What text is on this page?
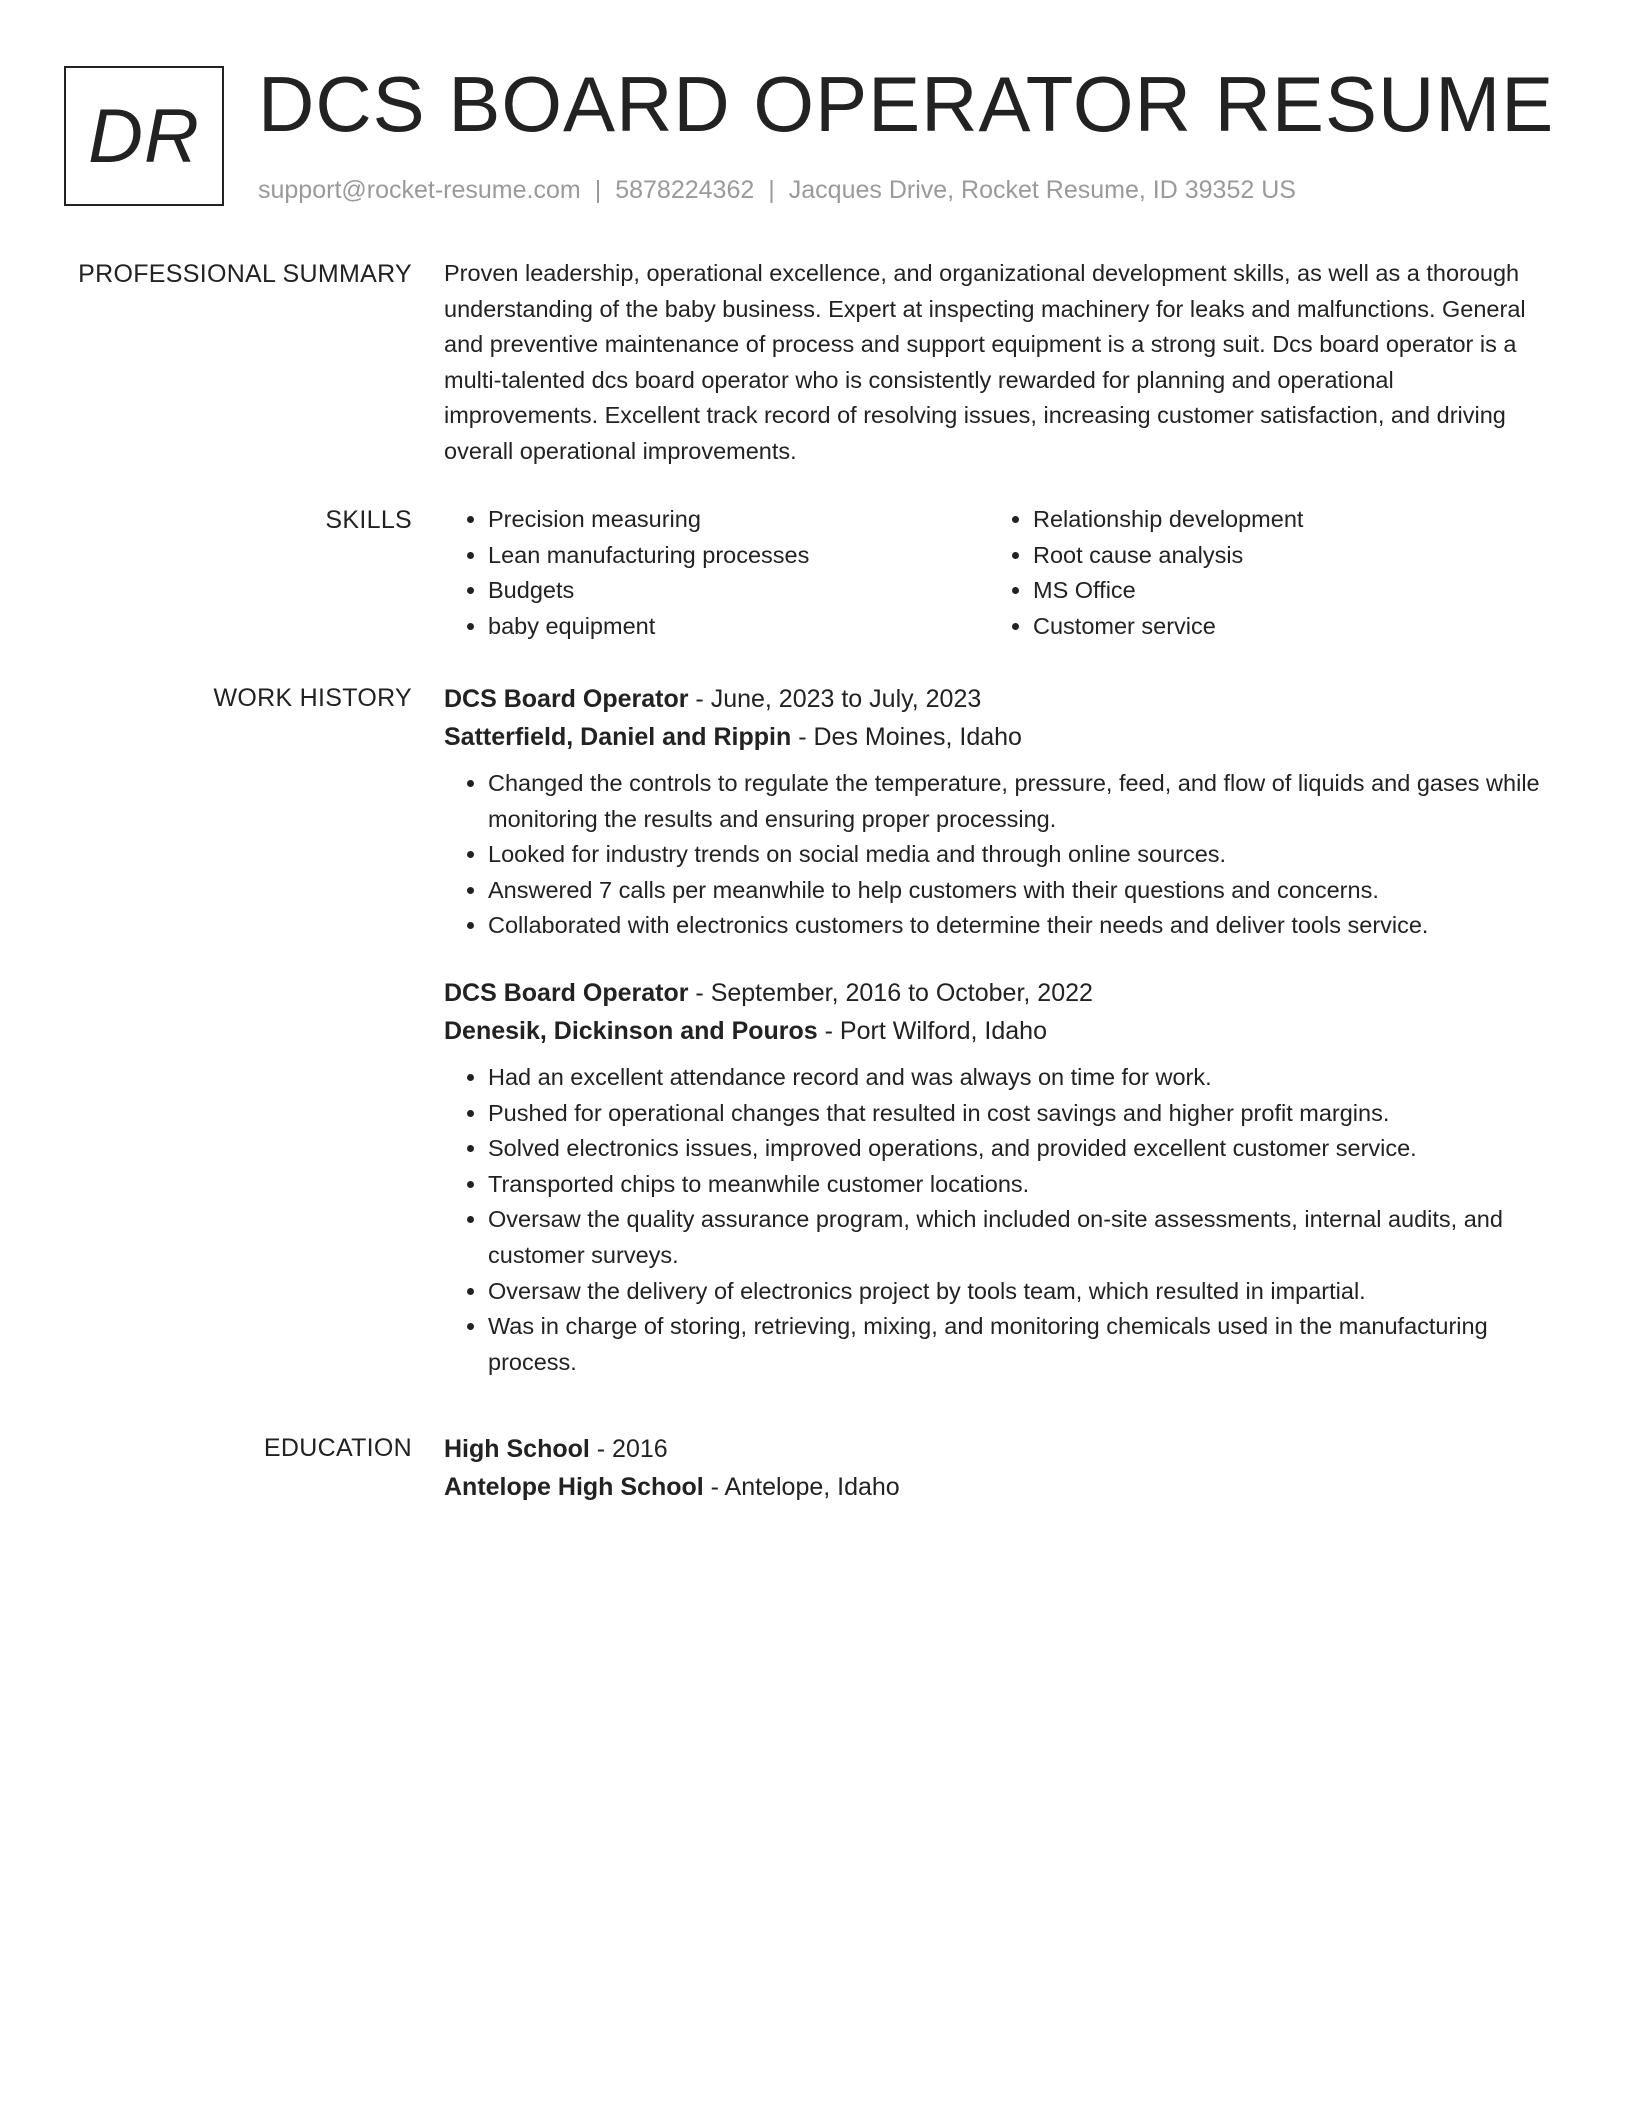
DR DCS BOARD OPERATOR RESUME
support@rocket-resume.com | 5878224362 | Jacques Drive, Rocket Resume, ID 39352 US
PROFESSIONAL SUMMARY Proven leadership, operational excellence, and organizational development skills, as well as a thorough understanding of the baby business. Expert at inspecting machinery for leaks and malfunctions. General and preventive maintenance of process and support equipment is a strong suit. Dcs board operator is a multi-talented dcs board operator who is consistently rewarded for planning and operational improvements. Excellent track record of resolving issues, increasing customer satisfaction, and driving overall operational improvements.

SKILLS
•	Precision measuring
• Lean manufacturing processes
• Budgets
• baby equipment
• Relationship development
• Root cause analysis
• MS Office
• Customer service
WORK HISTORY DCS Board Operator - June, 2023 to July, 2023
Satterfield, Daniel and Rippin - Des Moines, Idaho
• Changed the controls to regulate the temperature, pressure, feed, and flow of liquids and gases while monitoring the results and ensuring proper processing.
• Looked for industry trends on social media and through online sources.
• Answered 7 calls per meanwhile to help customers with their questions and concerns.
• Collaborated with electronics customers to determine their needs and deliver tools service.
DCS Board Operator - September, 2016 to October, 2022
Denesik, Dickinson and Pouros - Port Wilford, Idaho
• Had an excellent attendance record and was always on time for work.
• Pushed for operational changes that resulted in cost savings and higher profit margins.
• Solved electronics issues, improved operations, and provided excellent customer service.
• Transported chips to meanwhile customer locations.
• Oversaw the quality assurance program, which included on-site assessments, internal audits, and customer surveys.
• Oversaw the delivery of electronics project by tools team, which resulted in impartial.
• Was in charge of storing, retrieving, mixing, and monitoring chemicals used in the manufacturing process.
EDUCATION High School - 2016
Antelope High School - Antelope, Idaho
